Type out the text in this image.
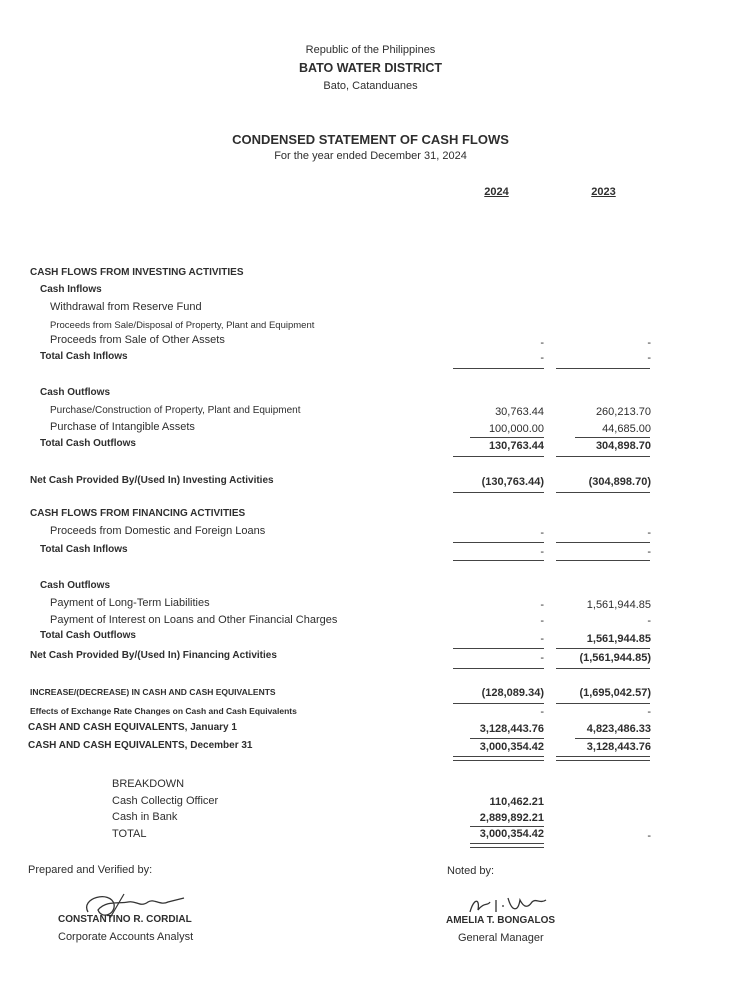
Republic of the Philippines
BATO WATER DISTRICT
Bato, Catanduanes
CONDENSED STATEMENT OF CASH FLOWS
For the year ended December 31, 2024
2024	2023
CASH FLOWS FROM INVESTING ACTIVITIES
Cash Inflows
Withdrawal from Reserve Fund
Proceeds from Sale/Disposal of Property, Plant and Equipment
Proceeds from Sale of Other Assets	-	-
Total Cash Inflows	-	-
Cash Outflows
Purchase/Construction of Property, Plant and Equipment	30,763.44	260,213.70
Purchase of Intangible Assets	100,000.00	44,685.00
Total Cash Outflows	130,763.44	304,898.70
Net Cash Provided By/(Used In) Investing Activities	(130,763.44)	(304,898.70)
CASH FLOWS FROM FINANCING ACTIVITIES
Proceeds from Domestic and Foreign Loans	-	-
Total Cash Inflows	-	-
Cash Outflows
Payment of Long-Term Liabilities	-	1,561,944.85
Payment of Interest on Loans and Other Financial Charges	-	-
Total Cash Outflows	-	1,561,944.85
Net Cash Provided By/(Used In) Financing Activities	-	(1,561,944.85)
INCREASE/(DECREASE) IN CASH AND CASH EQUIVALENTS	(128,089.34)	(1,695,042.57)
Effects of Exchange Rate Changes on Cash and Cash Equivalents	-	-
CASH AND CASH EQUIVALENTS, January 1	3,128,443.76	4,823,486.33
CASH AND CASH EQUIVALENTS, December 31	3,000,354.42	3,128,443.76
BREAKDOWN
Cash Collectig Officer	110,462.21
Cash in Bank	2,889,892.21
TOTAL	3,000,354.42	-
Prepared and Verified by:	Noted by:
CONSTANTINO R. CORDIAL
Corporate Accounts Analyst
AMELIA T. BONGALOS
General Manager
